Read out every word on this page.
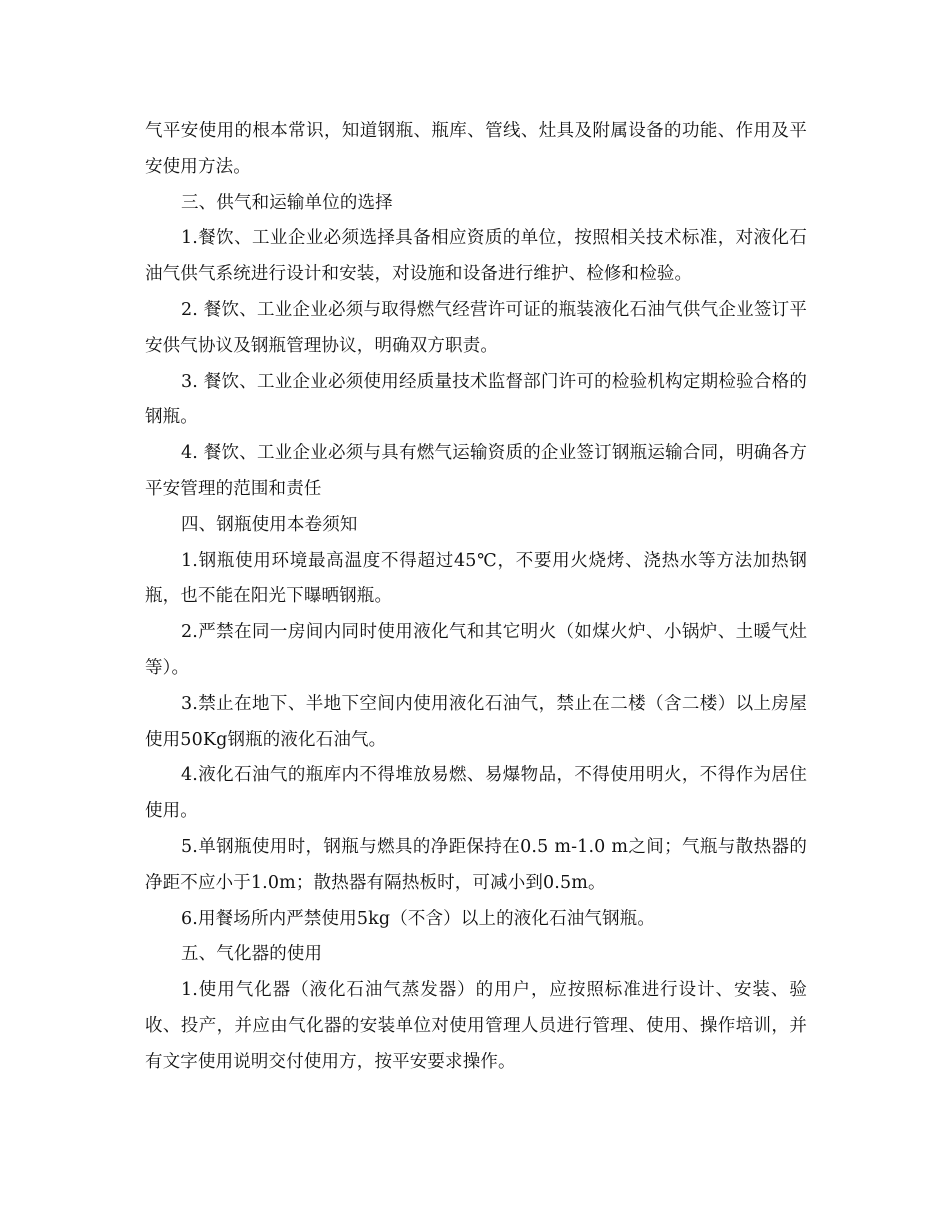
气平安使用的根本常识，知道钢瓶、瓶库、管线、灶具及附属设备的功能、作用及平安使用方法。

三、供气和运输单位的选择

1.餐饮、工业企业必须选择具备相应资质的单位，按照相关技术标准，对液化石油气供气系统进行设计和安装，对设施和设备进行维护、检修和检验。

2. 餐饮、工业企业必须与取得燃气经营许可证的瓶装液化石油气供气企业签订平安供气协议及钢瓶管理协议，明确双方职责。

3. 餐饮、工业企业必须使用经质量技术监督部门许可的检验机构定期检验合格的钢瓶。

4. 餐饮、工业企业必须与具有燃气运输资质的企业签订钢瓶运输合同，明确各方平安管理的范围和责任

四、钢瓶使用本卷须知

1.钢瓶使用环境最高温度不得超过45℃，不要用火烧烤、浇热水等方法加热钢瓶，也不能在阳光下曝晒钢瓶。

2.严禁在同一房间内同时使用液化气和其它明火（如煤火炉、小锅炉、土暖气灶等）。

3.禁止在地下、半地下空间内使用液化石油气，禁止在二楼（含二楼）以上房屋使用50Kg钢瓶的液化石油气。

4.液化石油气的瓶库内不得堆放易燃、易爆物品，不得使用明火，不得作为居住使用。

5.单钢瓶使用时，钢瓶与燃具的净距保持在0.5 m-1.0 m之间；气瓶与散热器的净距不应小于1.0m；散热器有隔热板时，可减小到0.5m。

6.用餐场所内严禁使用5kg（不含）以上的液化石油气钢瓶。

五、气化器的使用

1.使用气化器（液化石油气蒸发器）的用户，应按照标准进行设计、安装、验收、投产，并应由气化器的安装单位对使用管理人员进行管理、使用、操作培训，并有文字使用说明交付使用方，按平安要求操作。
